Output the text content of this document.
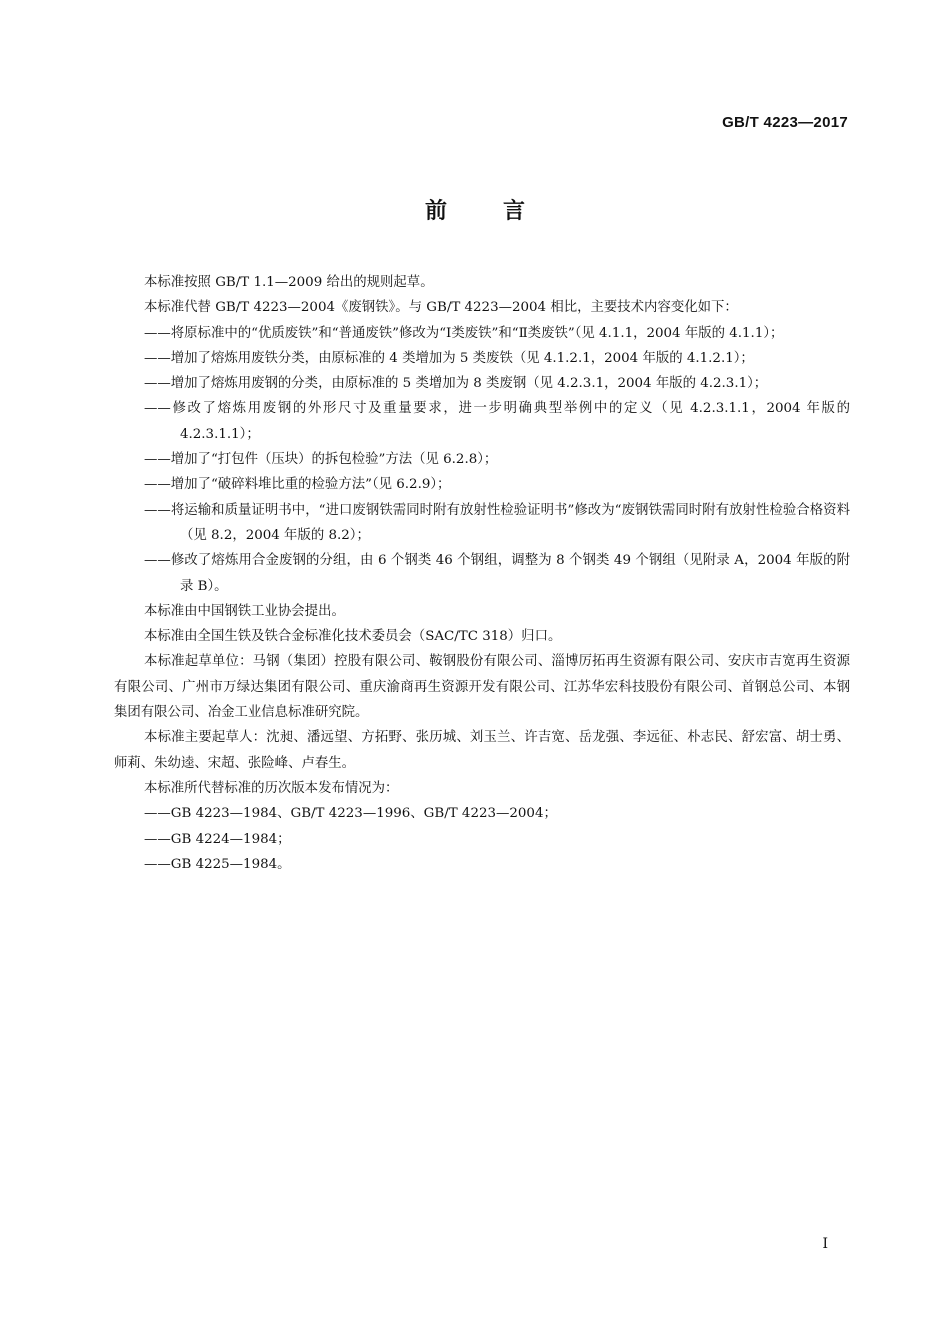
GB/T 4223—2017
前言

本标准按照 GB/T 1.1—2009 给出的规则起草。

本标准代替 GB/T 4223—2004《废钢铁》。与 GB/T 4223—2004 相比，主要技术内容变化如下：

——将原标准中的“优质废铁”和“普通废铁”修改为“Ⅰ类废铁”和“Ⅱ类废铁”（见 4.1.1，2004 年版的 4.1.1）；

——增加了熔炼用废铁分类，由原标准的 4 类增加为 5 类废铁（见 4.1.2.1，2004 年版的 4.1.2.1）；

——增加了熔炼用废钢的分类，由原标准的 5 类增加为 8 类废钢（见 4.2.3.1，2004 年版的 4.2.3.1）；

——修改了熔炼用废钢的外形尺寸及重量要求，进一步明确典型举例中的定义（见 4.2.3.1.1，2004 年版的 4.2.3.1.1）；

——增加了“打包件（压块）的拆包检验”方法（见 6.2.8）；

——增加了“破碎料堆比重的检验方法”（见 6.2.9）；

——将运输和质量证明书中，“进口废钢铁需同时附有放射性检验证明书”修改为“废钢铁需同时附有放射性检验合格资料（见 8.2，2004 年版的 8.2）；

——修改了熔炼用合金废钢的分组，由 6 个钢类 46 个钢组，调整为 8 个钢类 49 个钢组（见附录 A，2004 年版的附录 B）。

本标准由中国钢铁工业协会提出。

本标准由全国生铁及铁合金标准化技术委员会（SAC/TC 318）归口。

本标准起草单位：马钢（集团）控股有限公司、鞍钢股份有限公司、淄博厉拓再生资源有限公司、安庆市吉宽再生资源有限公司、广州市万绿达集团有限公司、重庆渝商再生资源开发有限公司、江苏华宏科技股份有限公司、首钢总公司、本钢集团有限公司、冶金工业信息标准研究院。

本标准主要起草人：沈昶、潘远望、方拓野、张历城、刘玉兰、许吉宽、岳龙强、李远征、朴志民、舒宏富、胡士勇、师莉、朱幼逵、宋超、张险峰、卢春生。

本标准所代替标准的历次版本发布情况为：

——GB 4223—1984、GB/T 4223—1996、GB/T 4223—2004；

——GB 4224—1984；

——GB 4225—1984。

I
